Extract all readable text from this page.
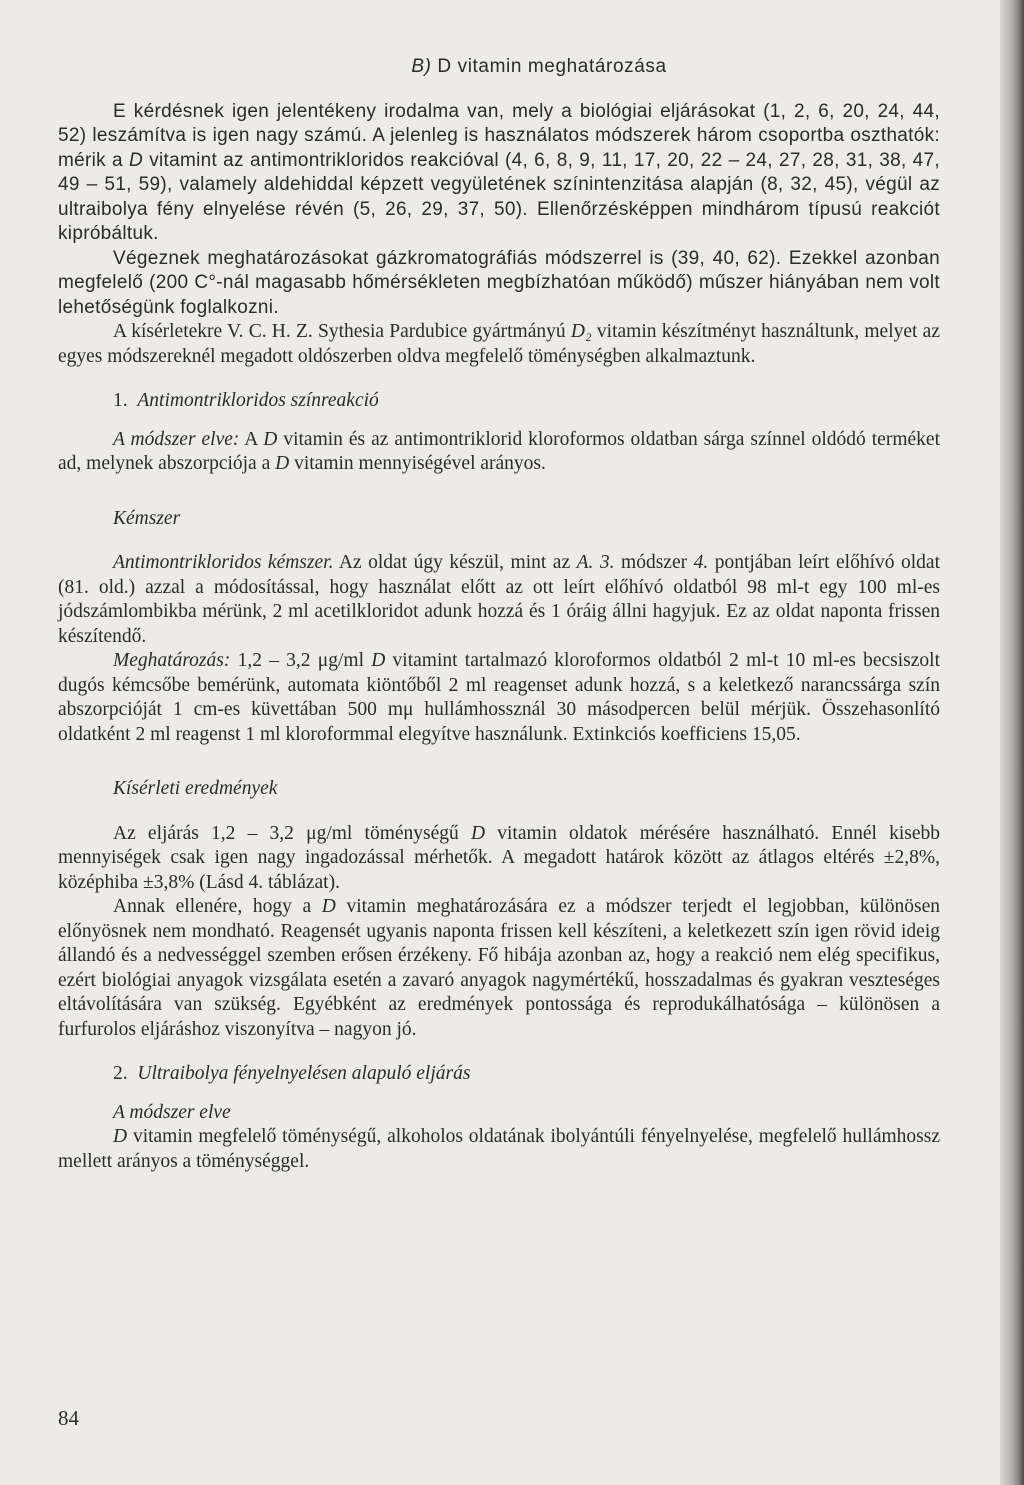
B) D vitamin meghatározása

E kérdésnek igen jelentékeny irodalma van, mely a biológiai eljárásokat (1, 2, 6, 20, 24, 44, 52) leszámítva is igen nagy számú. A jelenleg is használatos módszerek három csoportba oszthatók: mérik a D vitamint az antimontrikloridos reakcióval (4, 6, 8, 9, 11, 17, 20, 22 – 24, 27, 28, 31, 38, 47, 49 – 51, 59), valamely aldehiddal képzett vegyületének színintenzitása alapján (8, 32, 45), végül az ultraibolya fény elnyelése révén (5, 26, 29, 37, 50). Ellenőrzésképpen mindhárom típusú reakciót kipróbáltuk.

Végeznek meghatározásokat gázkromatográfiás módszerrel is (39, 40, 62). Ezekkel azonban megfelelő (200 C°-nál magasabb hőmérsékleten megbízhatóan működő) műszer hiányában nem volt lehetőségünk foglalkozni.

A kísérletekre V. C. H. Z. Sythesia Pardubice gyártmányú D₂ vitamin készítményt használtunk, melyet az egyes módszereknél megadott oldószerben oldva megfelelő töménységben alkalmaztunk.

1. Antimontrikloridos színreakció

A módszer elve: A D vitamin és az antimontriklorid kloroformos oldatban sárga színnel oldódó terméket ad, melynek abszorpciója a D vitamin mennyiségével arányos.

Kémszer

Antimontrikloridos kémszer. Az oldat úgy készül, mint az A. 3. módszer 4. pontjában leírt előhívó oldat (81. old.) azzal a módosítással, hogy használat előtt az ott leírt előhívó oldatból 98 ml-t egy 100 ml-es jódszámlombikba mérünk, 2 ml acetilkloridot adunk hozzá és 1 óráig állni hagyjuk. Ez az oldat naponta frissen készítendő.

Meghatározás: 1,2 – 3,2 μg/ml D vitamint tartalmazó kloroformos oldatból 2 ml-t 10 ml-es becsiszolt dugós kémcsőbe bemérünk, automata kiöntőből 2 ml reagenset adunk hozzá, s a keletkező narancssárga szín abszorpcióját 1 cm-es küvettában 500 mμ hullámhossznál 30 másodpercen belül mérjük. Összehasonlító oldatként 2 ml reagenst 1 ml kloroformmal elegyítve használunk. Extinkciós koefficiens 15,05.

Kísérleti eredmények

Az eljárás 1,2 – 3,2 μg/ml töménységű D vitamin oldatok mérésére használható. Ennél kisebb mennyiségek csak igen nagy ingadozással mérhetők. A megadott határok között az átlagos eltérés ±2,8%, középhiba ±3,8% (Lásd 4. táblázat).

Annak ellenére, hogy a D vitamin meghatározására ez a módszer terjedt el legjobban, különösen előnyösnek nem mondható. Reagensét ugyanis naponta frissen kell készíteni, a keletkezett szín igen rövid ideig állandó és a nedvességgel szemben erősen érzékeny. Fő hibája azonban az, hogy a reakció nem elég specifikus, ezért biológiai anyagok vizsgálata esetén a zavaró anyagok nagymértékű, hosszadalmas és gyakran veszteséges eltávolítására van szükség. Egyébként az eredmények pontossága és reprodukálhatósága – különösen a furfurolos eljáráshoz viszonyítva – nagyon jó.

2. Ultraibolya fényelnyelésen alapuló eljárás

A módszer elve

D vitamin megfelelő töménységű, alkoholos oldatának ibolyántúli fényelnyelése, megfelelő hullámhossz mellett arányos a töménységgel.

84
